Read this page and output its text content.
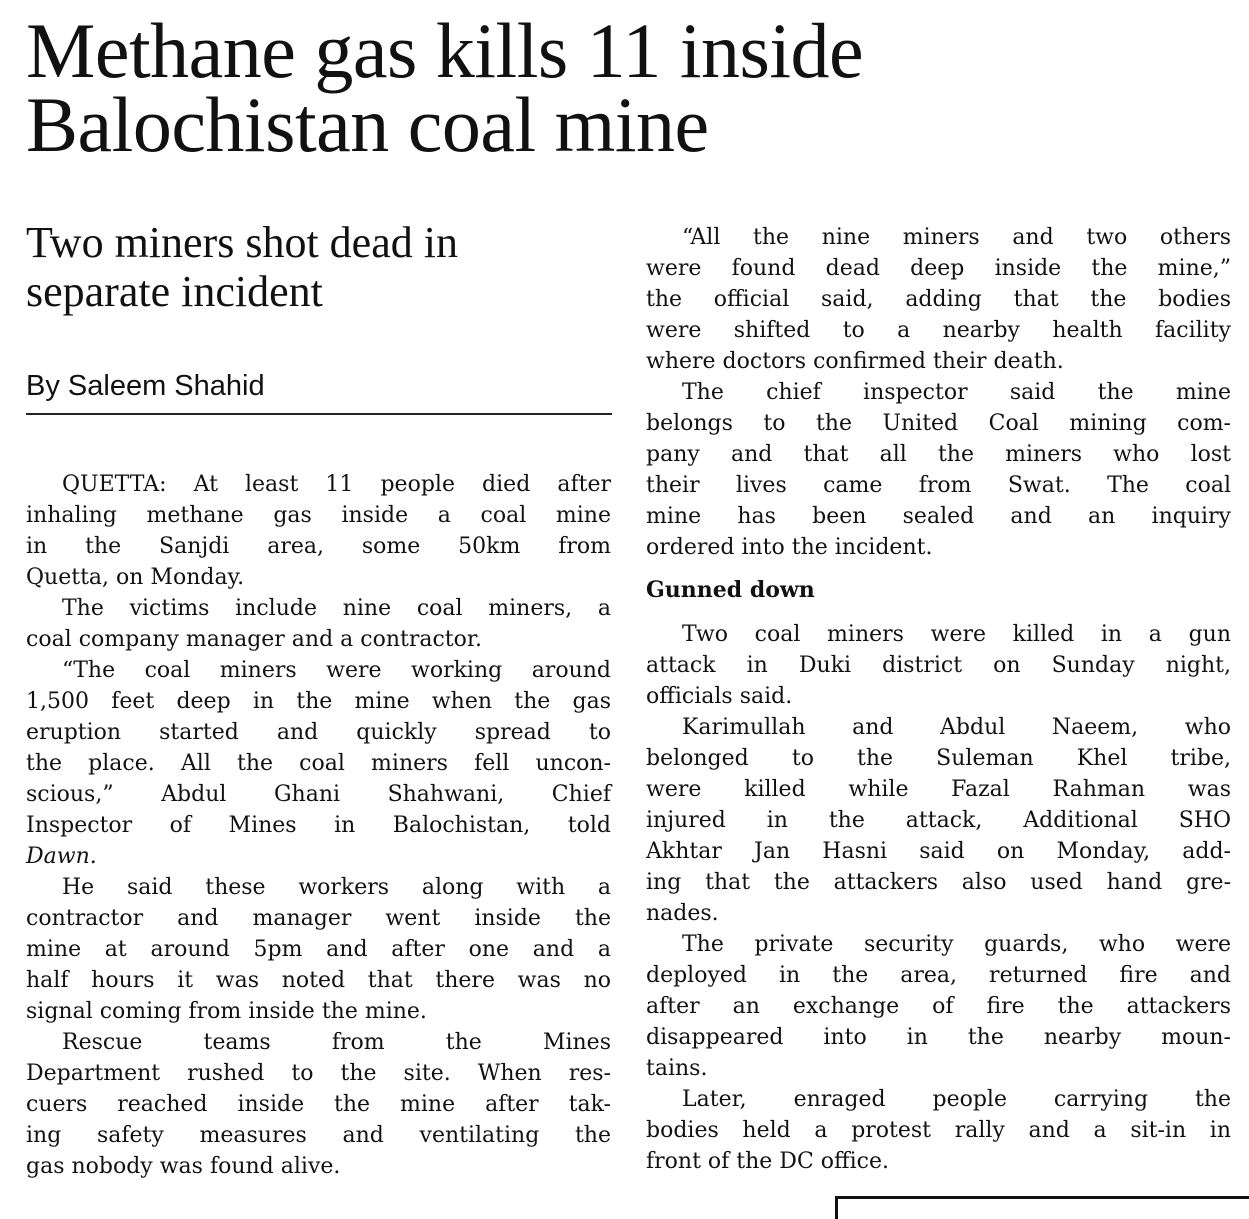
Methane gas kills 11 inside
Balochistan coal mine
Two miners shot dead in
separate incident
By Saleem Shahid
QUETTA: At least 11 people died after
inhaling methane gas inside a coal mine
in the Sanjdi area, some 50km from
Quetta, on Monday.
The victims include nine coal miners, a
coal company manager and a contractor.
“The coal miners were working around
1,500 feet deep in the mine when the gas
eruption started and quickly spread to
the place. All the coal miners fell uncon-
scious,” Abdul Ghani Shahwani, Chief
Inspector of Mines in Balochistan, told
Dawn.
He said these workers along with a
contractor and manager went inside the
mine at around 5pm and after one and a
half hours it was noted that there was no
signal coming from inside the mine.
Rescue teams from the Mines
Department rushed to the site. When res-
cuers reached inside the mine after tak-
ing safety measures and ventilating the
gas nobody was found alive.
“All the nine miners and two others
were found dead deep inside the mine,”
the official said, adding that the bodies
were shifted to a nearby health facility
where doctors confirmed their death.
The chief inspector said the mine
belongs to the United Coal mining com-
pany and that all the miners who lost
their lives came from Swat. The coal
mine has been sealed and an inquiry
ordered into the incident.
Gunned down
Two coal miners were killed in a gun
attack in Duki district on Sunday night,
officials said.
Karimullah and Abdul Naeem, who
belonged to the Suleman Khel tribe,
were killed while Fazal Rahman was
injured in the attack, Additional SHO
Akhtar Jan Hasni said on Monday, add-
ing that the attackers also used hand gre-
nades.
The private security guards, who were
deployed in the area, returned fire and
after an exchange of fire the attackers
disappeared into in the nearby moun-
tains.
Later, enraged people carrying the
bodies held a protest rally and a sit-in in
front of the DC office.
